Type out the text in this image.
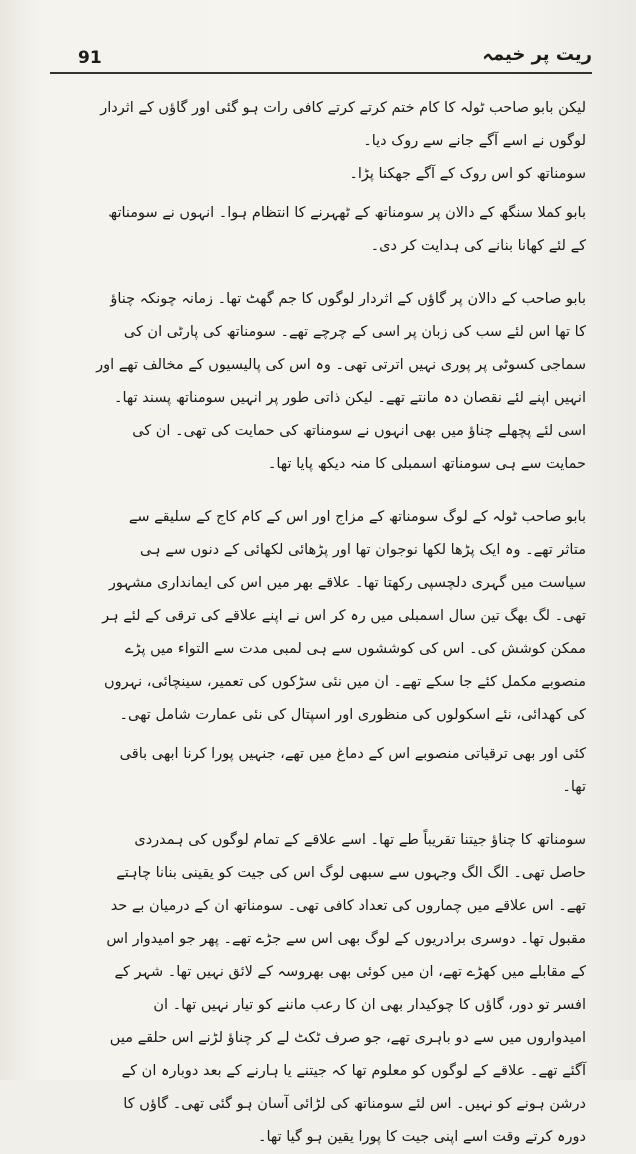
91	ریت پر خیمہ

لیکن بابو صاحب ٹولہ کا کام ختم کرتے کرتے کافی رات ہو گئی اور گاؤں کے اثردار لوگوں نے اسے آگے جانے سے روک دیا۔

سومناتھ کو اس روک کے آگے جھکنا پڑا۔

بابو کملا سنگھ کے دالان پر سومناتھ کے ٹھہرنے کا انتظام ہوا۔ انہوں نے سومناتھ کے لئے کھانا بنانے کی ہدایت کر دی۔

بابو صاحب کے دالان پر گاؤں کے اثردار لوگوں کا جم گھٹ تھا۔ زمانہ چونکہ چناؤ کا تھا اس لئے سب کی زبان پر اسی کے چرچے تھے۔ سومناتھ کی پارٹی ان کی سماجی کسوٹی پر پوری نہیں اترتی تھی۔ وہ اس کی پالیسیوں کے مخالف تھے اور انہیں اپنے لئے نقصان دہ مانتے تھے۔ لیکن ذاتی طور پر انہیں سومناتھ پسند تھا۔ اسی لئے پچھلے چناؤ میں بھی انہوں نے سومناتھ کی حمایت کی تھی۔ ان کی حمایت سے ہی سومناتھ اسمبلی کا منہ دیکھ پایا تھا۔

بابو صاحب ٹولہ کے لوگ سومناتھ کے مزاج اور اس کے کام کاج کے سلیقے سے متاثر تھے۔ وہ ایک پڑھا لکھا نوجوان تھا اور پڑھائی لکھائی کے دنوں سے ہی سیاست میں گہری دلچسپی رکھتا تھا۔ علاقے بھر میں اس کی ایمانداری مشہور تھی۔ لگ بھگ تین سال اسمبلی میں رہ کر اس نے اپنے علاقے کی ترقی کے لئے ہر ممکن کوشش کی۔ اس کی کوششوں سے ہی لمبی مدت سے التواء میں پڑے منصوبے مکمل کئے جا سکے تھے۔ ان میں نئی سڑکوں کی تعمیر، سینچائی، نہروں کی کھدائی، نئے اسکولوں کی منظوری اور اسپتال کی نئی عمارت شامل تھی۔

کئی اور بھی ترقیاتی منصوبے اس کے دماغ میں تھے، جنہیں پورا کرنا ابھی باقی تھا۔

سومناتھ کا چناؤ جیتنا تقریباً طے تھا۔ اسے علاقے کے تمام لوگوں کی ہمدردی حاصل تھی۔ الگ الگ وجہوں سے سبھی لوگ اس کی جیت کو یقینی بنانا چاہتے تھے۔ اس علاقے میں چماروں کی تعداد کافی تھی۔ سومناتھ ان کے درمیان بے حد مقبول تھا۔ دوسری برادریوں کے لوگ بھی اس سے جڑے تھے۔ پھر جو امیدوار اس کے مقابلے میں کھڑے تھے، ان میں کوئی بھی بھروسہ کے لائق نہیں تھا۔ شہر کے افسر تو دور، گاؤں کا چوکیدار بھی ان کا رعب ماننے کو تیار نہیں تھا۔ ان امیدواروں میں سے دو باہری تھے، جو صرف ٹکٹ لے کر چناؤ لڑنے اس حلقے میں آگئے تھے۔ علاقے کے لوگوں کو معلوم تھا کہ جیتنے یا ہارنے کے بعد دوبارہ ان کے درشن ہونے کو نہیں۔ اس لئے سومناتھ کی لڑائی آسان ہو گئی تھی۔ گاؤں کا دورہ کرتے وقت اسے اپنی جیت کا پورا یقین ہو گیا تھا۔
